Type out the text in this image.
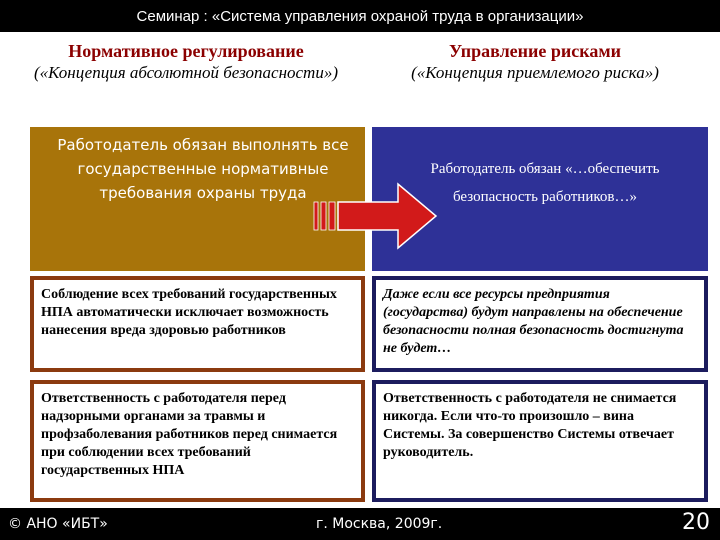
Семинар : «Система управления охраной труда в организации»
Нормативное регулирование
(«Концепция абсолютной безопасности»)
Управление рисками
(«Концепция приемлемого риска»)
Работодатель обязан выполнять все государственные нормативные требования охраны труда
Работодатель обязан «…обеспечить безопасность работников…»
Соблюдение всех требований государственных НПА автоматически исключает возможность нанесения вреда здоровью работников
Даже если все ресурсы предприятия (государства) будут направлены на обеспечение безопасности полная безопасность достигнута не будет…
Ответственность с работодателя перед надзорными органами за травмы и профзаболевания работников перед снимается при соблюдении всех требований государственных НПА
Ответственность с работодателя не снимается никогда. Если что-то произошло – вина Системы. За совершенство Системы отвечает руководитель.
© АНО «ИБТ»	г. Москва, 2009г.	20
